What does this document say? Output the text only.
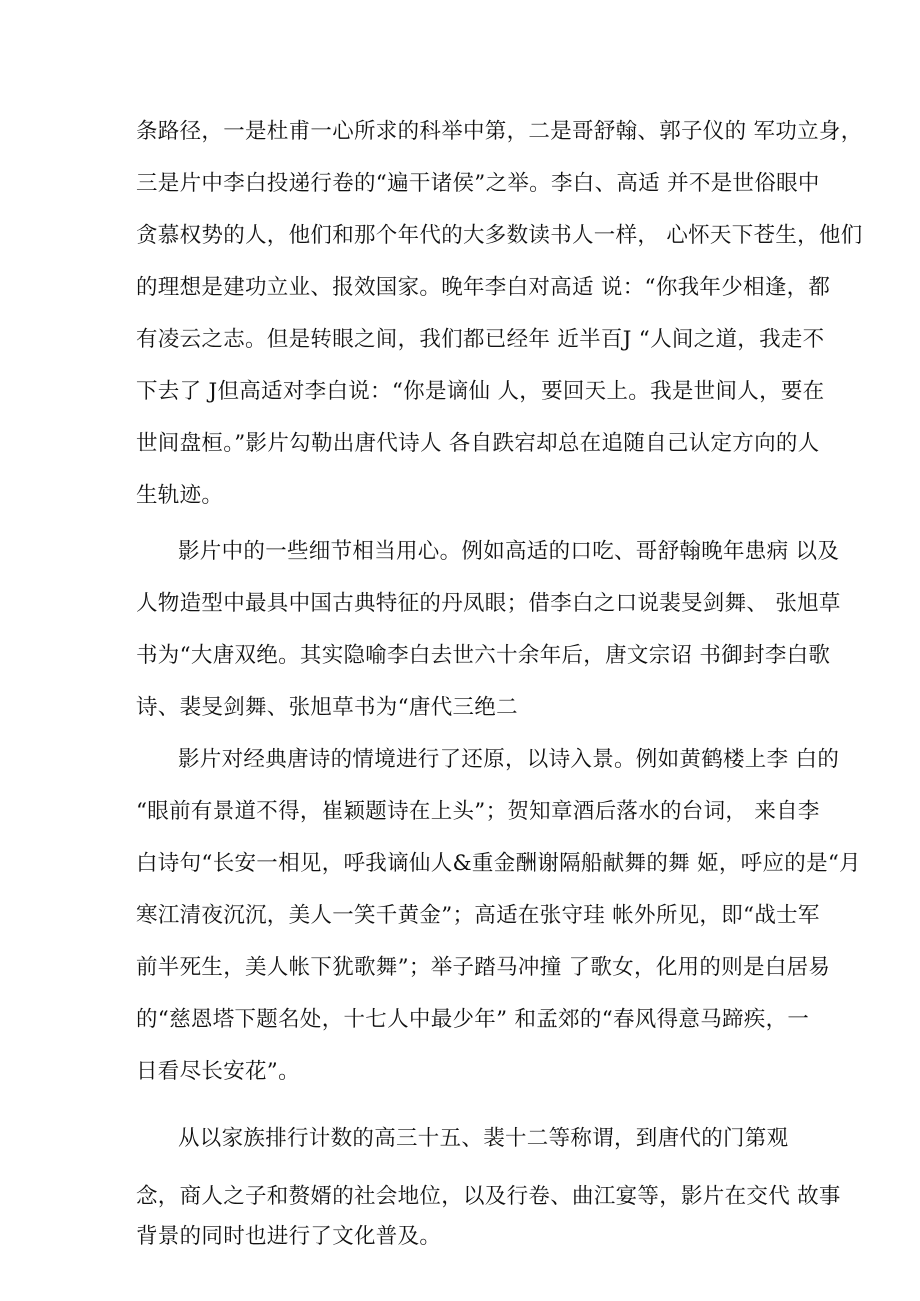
条路径，一是杜甫一心所求的科举中第，二是哥舒翰、郭子仪的 军功立身，
三是片中李白投递行卷的“遍干诸侯”之举。李白、高适 并不是世俗眼中
贪慕权势的人，他们和那个年代的大多数读书人一样， 心怀天下苍生，他们
的理想是建功立业、报效国家。晚年李白对高适 说：“你我年少相逢，都
有凌云之志。但是转眼之间，我们都已经年 近半百J “人间之道，我走不
下去了 J但高适对李白说：“你是谪仙 人，要回天上。我是世间人，要在
世间盘桓。”影片勾勒出唐代诗人 各自跌宕却总在追随自己认定方向的人
生轨迹。
影片中的一些细节相当用心。例如高适的口吃、哥舒翰晚年患病 以及
人物造型中最具中国古典特征的丹凤眼；借李白之口说裴旻剑舞、 张旭草
书为“大唐双绝。其实隐喻李白去世六十余年后，唐文宗诏 书御封李白歌
诗、裴旻剑舞、张旭草书为“唐代三绝二
影片对经典唐诗的情境进行了还原，以诗入景。例如黄鹤楼上李 白的
“眼前有景道不得，崔颖题诗在上头”；贺知章酒后落水的台词， 来自李
白诗句“长安一相见，呼我谪仙人&重金酬谢隔船献舞的舞 姬，呼应的是“月
寒江清夜沉沉，美人一笑千黄金”；高适在张守珪 帐外所见，即“战士军
前半死生，美人帐下犹歌舞”；举子踏马冲撞 了歌女，化用的则是白居易
的“慈恩塔下题名处，十七人中最少年” 和孟郊的“春风得意马蹄疾，一
日看尽长安花”。
从以家族排行计数的高三十五、裴十二等称谓，到唐代的门第观
念，商人之子和赘婿的社会地位，以及行卷、曲江宴等，影片在交代 故事
背景的同时也进行了文化普及。
